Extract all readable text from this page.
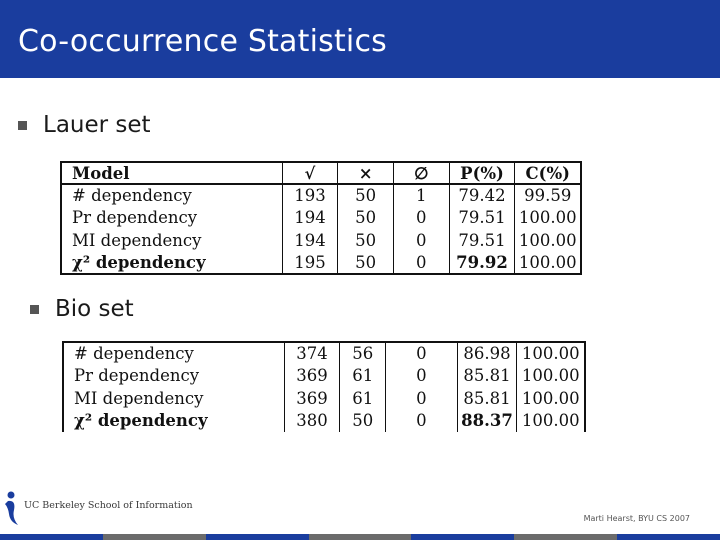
Co-occurrence Statistics
Lauer set
Model	√	×	∅	P(%)	C(%)
# dependency	193	50	1	79.42	99.59
Pr dependency	194	50	0	79.51	100.00
MI dependency	194	50	0	79.51	100.00
χ² dependency	195	50	0	79.92	100.00
Bio set
# dependency	374	56	0	86.98	100.00
Pr dependency	369	61	0	85.81	100.00
MI dependency	369	61	0	85.81	100.00
χ² dependency	380	50	0	88.37	100.00
UC Berkeley School of Information
Marti Hearst, BYU CS 2007
